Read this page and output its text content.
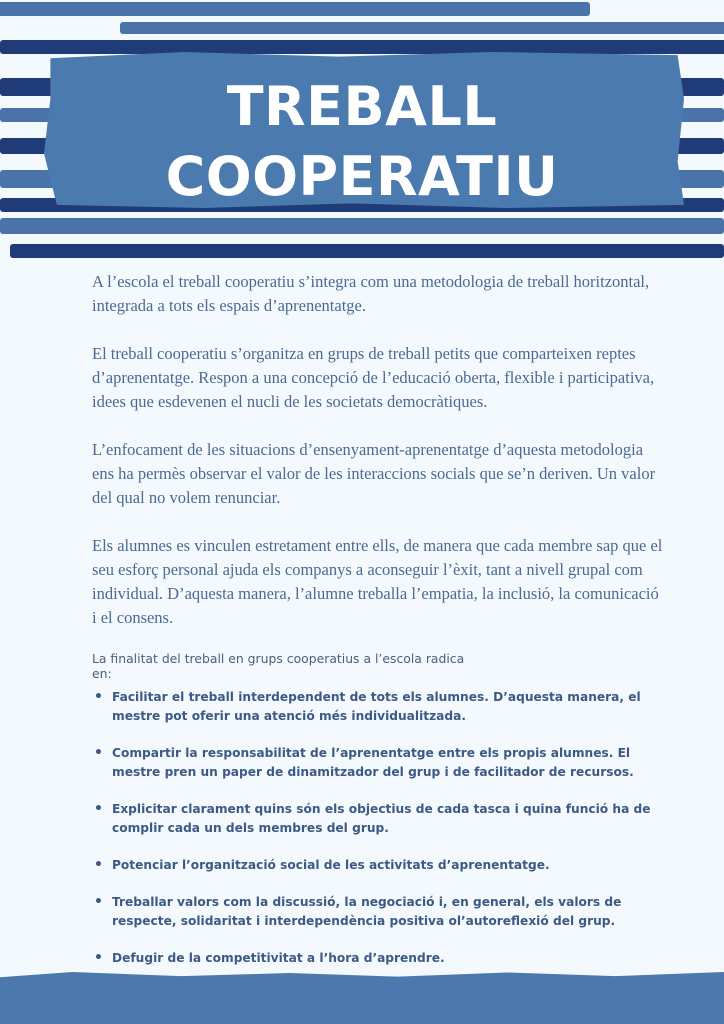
TREBALL
COOPERATIU

A l’escola el treball cooperatiu s’integra com una metodologia de treball horitzontal, integrada a tots els espais d’aprenentatge.

El treball cooperatiu s’organitza en grups de treball petits que comparteixen reptes d’aprenentatge. Respon a una concepció de l’educació oberta, flexible i participativa, idees que esdevenen el nucli de les societats democràtiques.

L’enfocament de les situacions d’ensenyament-aprenentatge d’aquesta metodologia ens ha permès observar el valor de les interaccions socials que se’n deriven. Un valor del qual no volem renunciar.

Els alumnes es vinculen estretament entre ells, de manera que cada membre sap que el seu esforç personal ajuda els companys a aconseguir l’èxit, tant a nivell grupal com individual. D’aquesta manera, l’alumne treballa l’empatia, la inclusió, la comunicació i el consens.

La finalitat del treball en grups cooperatius a l’escola radica en:
• Facilitar el treball interdependent de tots els alumnes. D’aquesta manera, el mestre pot oferir una atenció més individualitzada.
• Compartir la responsabilitat de l’aprenentatge entre els propis alumnes. El mestre pren un paper de dinamitzador del grup i de facilitador de recursos.
• Explicitar clarament quins són els objectius de cada tasca i quina funció ha de complir cada un dels membres del grup.
• Potenciar l’organització social de les activitats d’aprenentatge.
• Treballar valors com la discussió, la negociació i, en general, els valors de respecte, solidaritat i interdependència positiva ol’autoreflexió del grup.
• Defugir de la competitivitat a l’hora d’aprendre.
